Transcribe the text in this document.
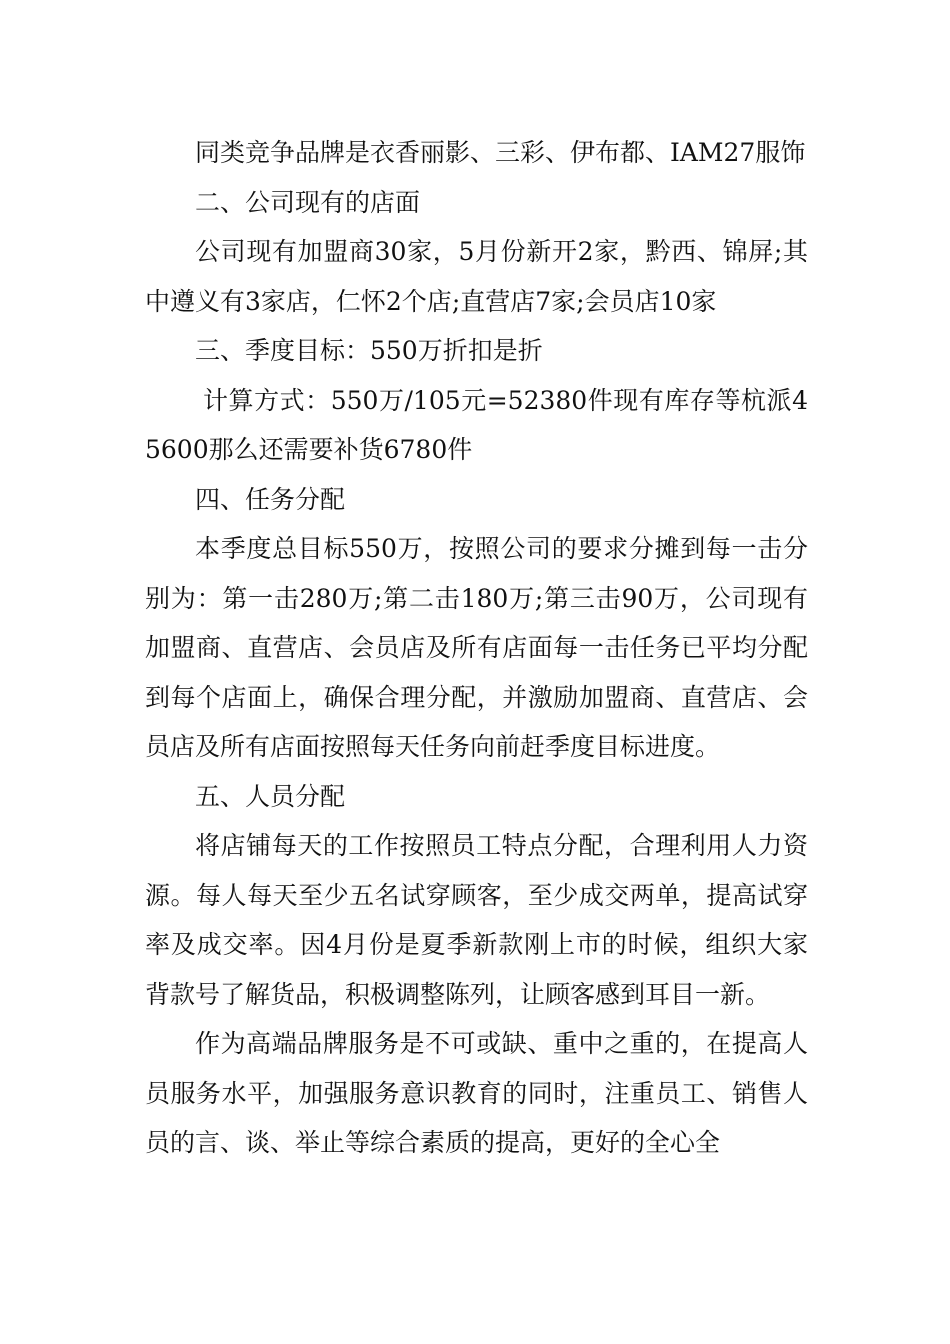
同类竞争品牌是衣香丽影、三彩、伊布都、IAM27服饰

二、公司现有的店面

公司现有加盟商30家，5月份新开2家，黔西、锦屏;其中遵义有3家店，仁怀2个店;直营店7家;会员店10家

三、季度目标：550万折扣是折

计算方式：550万/105元=52380件现有库存等杭派45600那么还需要补货6780件

四、任务分配

本季度总目标550万，按照公司的要求分摊到每一击分别为：第一击280万;第二击180万;第三击90万，公司现有加盟商、直营店、会员店及所有店面每一击任务已平均分配到每个店面上，确保合理分配，并激励加盟商、直营店、会员店及所有店面按照每天任务向前赶季度目标进度。

五、人员分配

将店铺每天的工作按照员工特点分配，合理利用人力资源。每人每天至少五名试穿顾客，至少成交两单，提高试穿率及成交率。因4月份是夏季新款刚上市的时候，组织大家背款号了解货品，积极调整陈列，让顾客感到耳目一新。

作为高端品牌服务是不可或缺、重中之重的，在提高人员服务水平，加强服务意识教育的同时，注重员工、销售人员的言、谈、举止等综合素质的提高，更好的全心全
